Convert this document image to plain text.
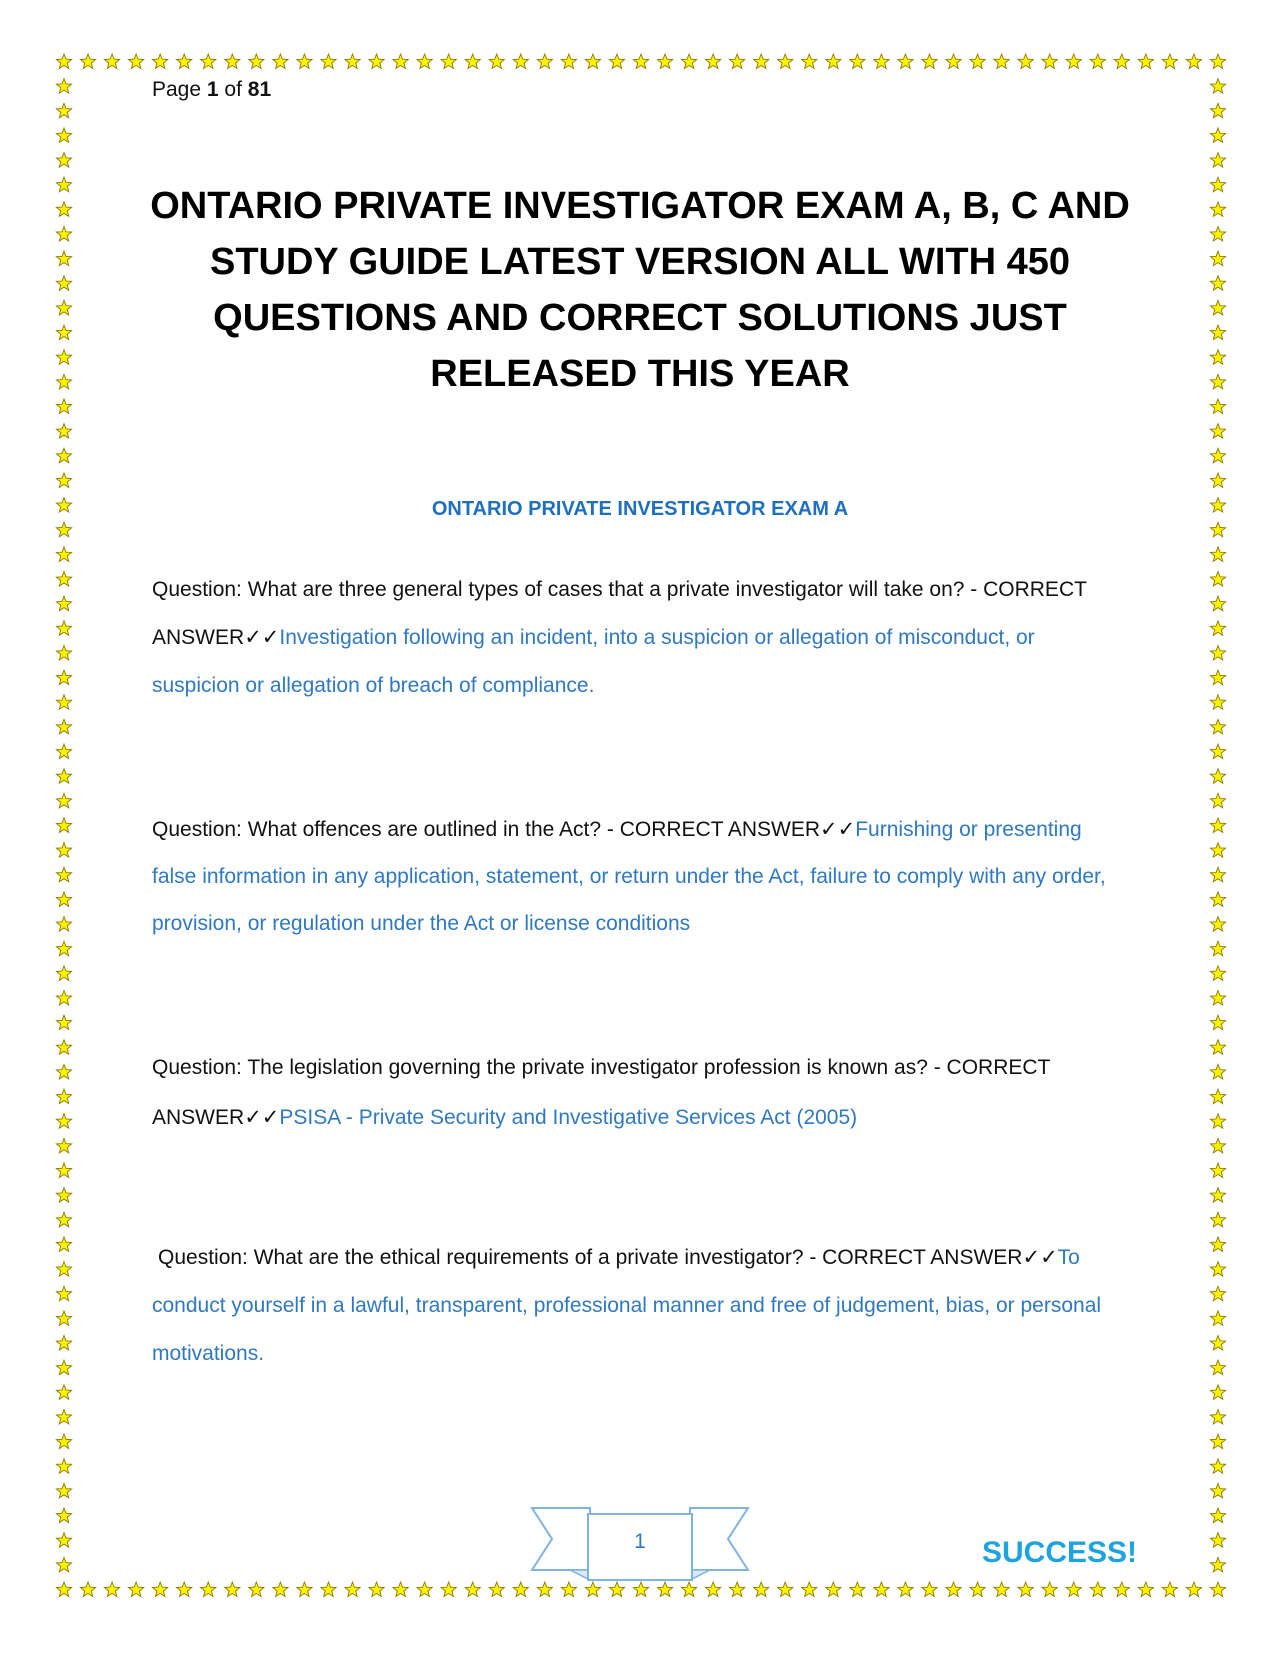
Page 1 of 81
ONTARIO PRIVATE INVESTIGATOR EXAM A, B, C AND STUDY GUIDE LATEST VERSION ALL WITH 450 QUESTIONS AND CORRECT SOLUTIONS JUST RELEASED THIS YEAR
ONTARIO PRIVATE INVESTIGATOR EXAM A

Question: What are three general types of cases that a private investigator will take on? - CORRECT ANSWER✓✓Investigation following an incident, into a suspicion or allegation of misconduct, or suspicion or allegation of breach of compliance.

Question: What offences are outlined in the Act? - CORRECT ANSWER✓✓Furnishing or presenting false information in any application, statement, or return under the Act, failure to comply with any order, provision, or regulation under the Act or license conditions

Question: The legislation governing the private investigator profession is known as? - CORRECT ANSWER✓✓PSISA - Private Security and Investigative Services Act (2005)

Question: What are the ethical requirements of a private investigator? - CORRECT ANSWER✓✓To conduct yourself in a lawful, transparent, professional manner and free of judgement, bias, or personal motivations.

1	SUCCESS!
